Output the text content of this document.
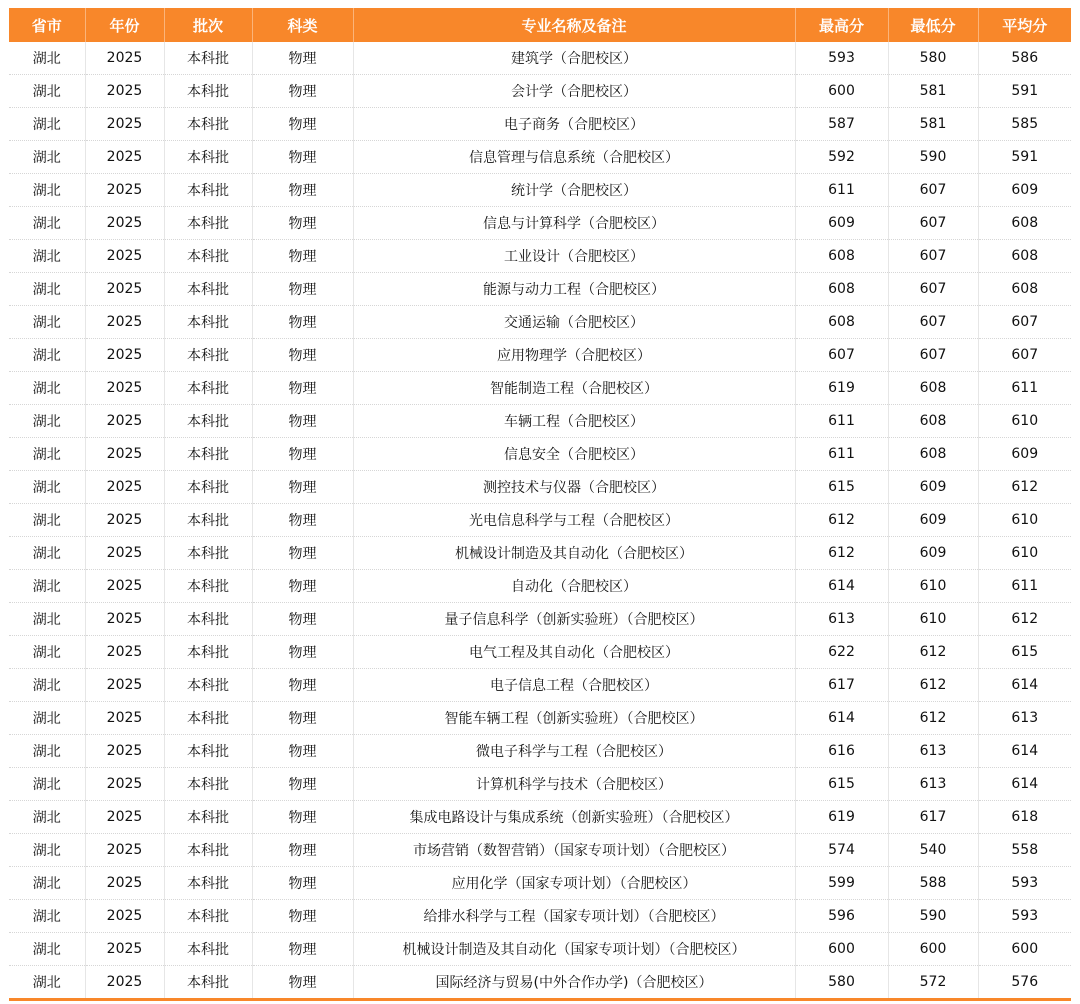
省市	年份	批次	科类	专业名称及备注	最高分	最低分	平均分
湖北	2025	本科批	物理	建筑学（合肥校区）	593	580	586
湖北	2025	本科批	物理	会计学（合肥校区）	600	581	591
湖北	2025	本科批	物理	电子商务（合肥校区）	587	581	585
湖北	2025	本科批	物理	信息管理与信息系统（合肥校区）	592	590	591
湖北	2025	本科批	物理	统计学（合肥校区）	611	607	609
湖北	2025	本科批	物理	信息与计算科学（合肥校区）	609	607	608
湖北	2025	本科批	物理	工业设计（合肥校区）	608	607	608
湖北	2025	本科批	物理	能源与动力工程（合肥校区）	608	607	608
湖北	2025	本科批	物理	交通运输（合肥校区）	608	607	607
湖北	2025	本科批	物理	应用物理学（合肥校区）	607	607	607
湖北	2025	本科批	物理	智能制造工程（合肥校区）	619	608	611
湖北	2025	本科批	物理	车辆工程（合肥校区）	611	608	610
湖北	2025	本科批	物理	信息安全（合肥校区）	611	608	609
湖北	2025	本科批	物理	测控技术与仪器（合肥校区）	615	609	612
湖北	2025	本科批	物理	光电信息科学与工程（合肥校区）	612	609	610
湖北	2025	本科批	物理	机械设计制造及其自动化（合肥校区）	612	609	610
湖北	2025	本科批	物理	自动化（合肥校区）	614	610	611
湖北	2025	本科批	物理	量子信息科学（创新实验班）（合肥校区）	613	610	612
湖北	2025	本科批	物理	电气工程及其自动化（合肥校区）	622	612	615
湖北	2025	本科批	物理	电子信息工程（合肥校区）	617	612	614
湖北	2025	本科批	物理	智能车辆工程（创新实验班）（合肥校区）	614	612	613
湖北	2025	本科批	物理	微电子科学与工程（合肥校区）	616	613	614
湖北	2025	本科批	物理	计算机科学与技术（合肥校区）	615	613	614
湖北	2025	本科批	物理	集成电路设计与集成系统（创新实验班）（合肥校区）	619	617	618
湖北	2025	本科批	物理	市场营销（数智营销）（国家专项计划）（合肥校区）	574	540	558
湖北	2025	本科批	物理	应用化学（国家专项计划）（合肥校区）	599	588	593
湖北	2025	本科批	物理	给排水科学与工程（国家专项计划）（合肥校区）	596	590	593
湖北	2025	本科批	物理	机械设计制造及其自动化（国家专项计划）（合肥校区）	600	600	600
湖北	2025	本科批	物理	国际经济与贸易(中外合作办学)（合肥校区）	580	572	576
